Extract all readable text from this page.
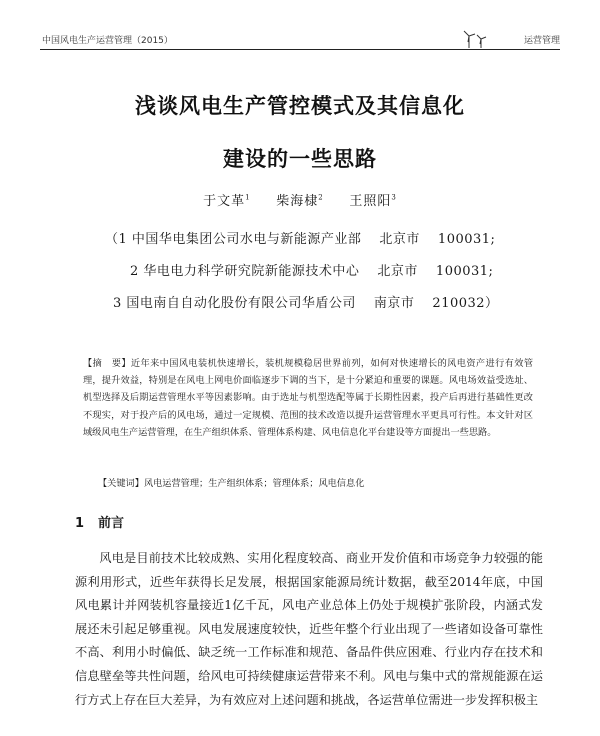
中国风电生产运营管理（2015）	运营管理
浅谈风电生产管控模式及其信息化
建设的一些思路
于文革$^1$ 柴海棣$^2$ 王照阳$^3$
（1 中国华电集团公司水电与新能源产业部 北京市 100031;
2 华电电力科学研究院新能源技术中心 北京市 100031;
3 国电南自自动化股份有限公司华盾公司 南京市 210032）
【摘　要】近年来中国风电装机快速增长，装机规模稳居世界前列，如何对快速增长的风电资产进行有效管理，提升效益，特别是在风电上网电价面临逐步下调的当下，是十分紧迫和重要的课题。风电场效益受选址、机型选择及后期运营管理水平等因素影响。由于选址与机型选配等属于长期性因素，投产后再进行基础性更改不现实，对于投产后的风电场，通过一定规模、范围的技术改造以提升运营管理水平更具可行性。本文针对区域级风电生产运营管理，在生产组织体系、管理体系构建、风电信息化平台建设等方面提出一些思路。
【关键词】风电运营管理；生产组织体系；管理体系；风电信息化
1 前言
风电是目前技术比较成熟、实用化程度较高、商业开发价值和市场竞争力较强的能源利用形式，近些年获得长足发展，根据国家能源局统计数据，截至2014年底，中国风电累计并网装机容量接近1亿千瓦，风电产业总体上仍处于规模扩张阶段，内涵式发展还未引起足够重视。风电发展速度较快，近些年整个行业出现了一些诸如设备可靠性不高、利用小时偏低、缺乏统一工作标准和规范、备品件供应困难、行业内存在技术和信息壁垒等共性问题，给风电可持续健康运营带来不利。风电与集中式的常规能源在运行方式上存在巨大差异，为有效应对上述问题和挑战，各运营单位需进一步发挥积极主
